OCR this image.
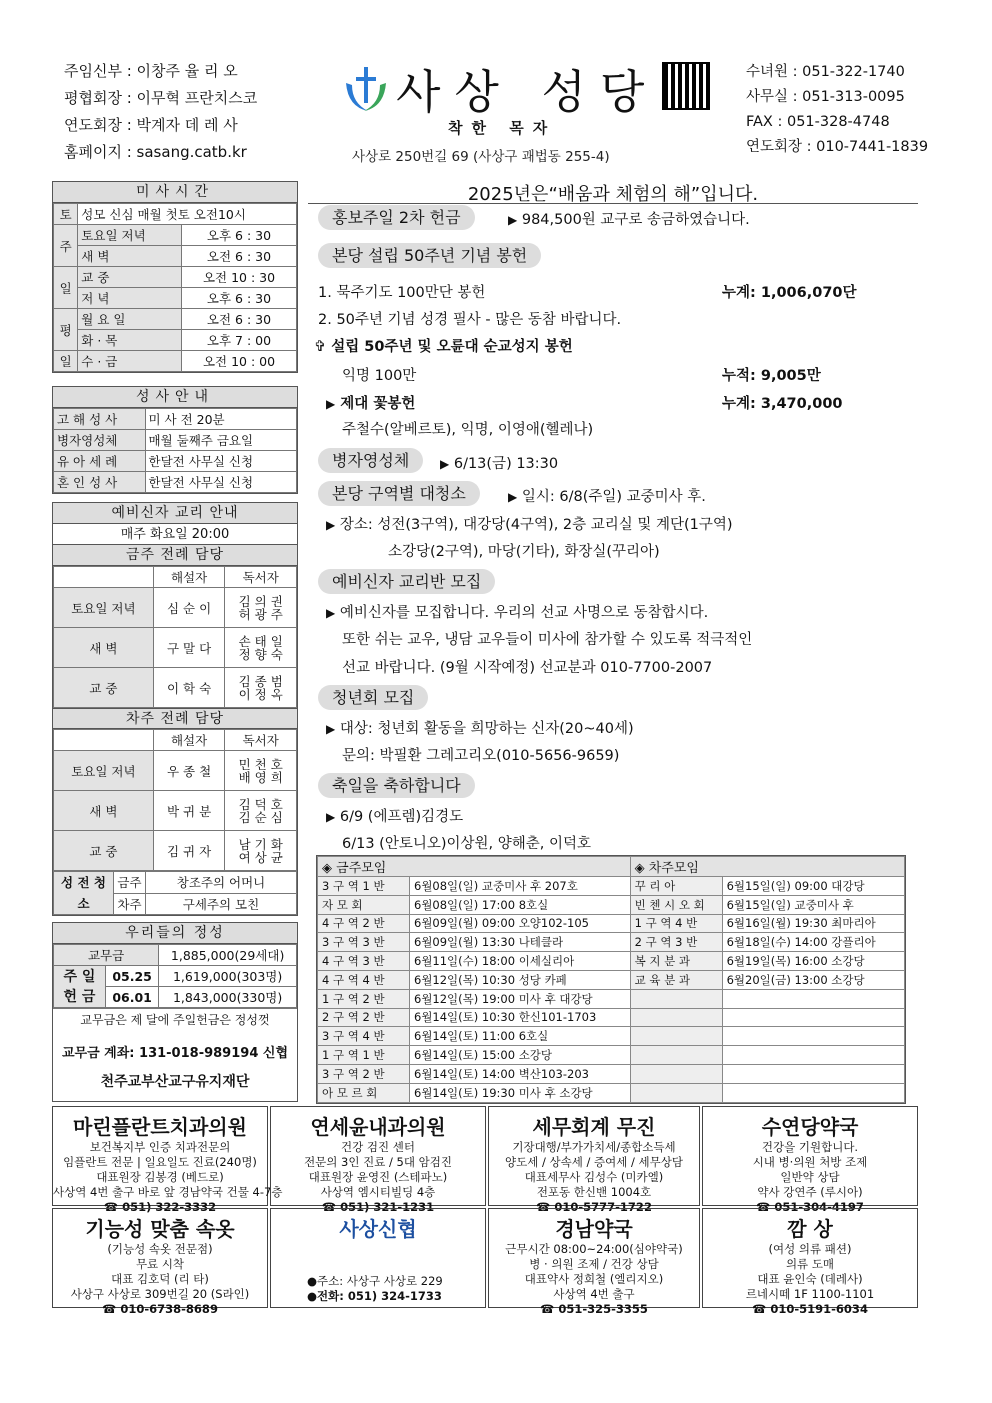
주임신부 : 이창주 율 리 오
평협회장 : 이무혁 프란치스코
연도회장 : 박계자 데 레 사
홈페이지 : sasang.catb.kr
사상 성당
착한 목자
사상로 250번길 69 (사상구 괘법동 255-4)
수녀원 : 051-322-1740
사무실 : 051-313-0095
FAX : 051-328-4748
연도회장 : 010-7441-1839
미사시간
토	성모 신심 매월 첫토 오전10시	
주	토요일 저녁	오후 6 : 30
	새 벽	오전 6 : 30
일	교 중	오전 10 : 30
	저 녁	오후 6 : 30
평	월 요 일	오전 6 : 30
	화 · 목	오후 7 : 00
일	수 · 금	오전 10 : 00
성사안내
고 해 성 사	미 사 전 20분
병자영성체	매월 둘째주 금요일
유 아 세 례	한달전 사무실 신청
혼 인 성 사	한달전 사무실 신청
예비신자 교리 안내
매주 화요일 20:00
금주 전례 담당
	해설자	독서자
토요일 저녁	심 순 이	김 의 권
허 광 주

새 벽	구 말 다	손 태 일
정 향 숙

교 중	이 학 숙	김 종 범
이 정 옥
차주 전례 담당
	해설자	독서자
토요일 저녁	우 종 철	민 천 호
배 영 희

새 벽	박 귀 분	김 덕 호
김 순 심

교 중	김 귀 자	남 기 화
여 상 균
성 전 청 소	금주	창조주의 어머니
	차주	구세주의 모친
우리들의 정성
교무금		1,885,000(29세대)
주 일 헌 금	05.25	1,619,000(303명)
	06.01	1,843,000(330명)
교무금은 제 달에 주일헌금은 정성껏
교무금 계좌: 131-018-989194 신협
천주교부산교구유지재단
2025년은“배움과 체험의 해”입니다.
홍보주일 2차 헌금	▶ 984,500원 교구로 송금하였습니다.
본당 설립 50주년 기념 봉헌
1. 묵주기도 100만단 봉헌	누계: 1,006,070단
2. 50주년 기념 성경 필사 - 많은 동참 바랍니다.
✞ 설립 50주년 및 오륜대 순교성지 봉헌
익명 100만	누적: 9,005만
▶ 제대 꽃봉헌	누계: 3,470,000
주철수(알베르토), 익명, 이영애(헬레나)
병자영성체	▶ 6/13(금) 13:30
본당 구역별 대청소	▶ 일시: 6/8(주일) 교중미사 후.
▶ 장소: 성전(3구역), 대강당(4구역), 2층 교리실 및 계단(1구역)
소강당(2구역), 마당(기타), 화장실(꾸리아)
예비신자 교리반 모집
▶ 예비신자를 모집합니다. 우리의 선교 사명으로 동참합시다.
또한 쉬는 교우, 냉담 교우들이 미사에 참가할 수 있도록 적극적인
선교 바랍니다. (9월 시작예정) 선교분과 010-7700-2007
청년회 모집
▶ 대상: 청년회 활동을 희망하는 신자(20~40세)
문의: 박필환 그레고리오(010-5656-9659)
축일을 축하합니다
▶ 6/9 (에프렘)김경도
6/13 (안토니오)이상원, 양해춘, 이덕호
◈ 금주모임		◈ 차주모임	
3 구 역 1 반	6월08일(일) 교중미사 후 207호	꾸 리 아	6월15일(일) 09:00 대강당
자 모 회	6월08일(일) 17:00 8호실	빈 첸 시 오 회	6월15일(일) 교중미사 후
4 구 역 2 반	6월09일(월) 09:00 오양102-105	1 구 역 4 반	6월16일(월) 19:30 최마리아
3 구 역 3 반	6월09일(월) 13:30 나테클라	2 구 역 3 반	6월18일(수) 14:00 강플리아
4 구 역 3 반	6월11일(수) 18:00 이세실리아	복 지 분 과	6월19일(목) 16:00 소강당
4 구 역 4 반	6월12일(목) 10:30 성당 카페	교 육 분 과	6월20일(금) 13:00 소강당
1 구 역 2 반	6월12일(목) 19:00 미사 후 대강당		
2 구 역 2 반	6월14일(토) 10:30 한신101-1703		
3 구 역 4 반	6월14일(토) 11:00 6호실		
1 구 역 1 반	6월14일(토) 15:00 소강당		
3 구 역 2 반	6월14일(토) 14:00 벽산103-203		
아 모 르 회	6월14일(토) 19:30 미사 후 소강당		
마린플란트치과의원
보건복지부 인증 치과전문의
임플란트 전문 | 일요일도 진료(240명)
대표원장 김봉경 (베드로)
사상역 4번 출구 바로 앞 경남약국 건물 4-7층
☎ 051) 322-3332
연세윤내과의원
건강 검진 센터
전문의 3인 진료 / 5대 암검진
대표원장 윤영진 (스테파노)
사상역 엠시티빌딩 4층
☎ 051) 321-1231
세무회계 무진
기장대행/부가가치세/종합소득세
양도세 / 상속세 / 증여세 / 세무상담
대표세무사 김성수 (미카엘)
전포동 한신밴 1004호
☎ 010-5777-1722
수연당약국
건강을 기원합니다.
시내 병·의원 처방 조제
일반약 상담
약사 강연주 (루시아)
☎ 051-304-4197
기능성 맞춤 속옷
(기능성 속옷 전문점)
무료 시착
대표 김호덕 (리 타)
사상구 사상로 309번길 20 (S라인)
☎ 010-6738-8689
사상신협
●주소: 사상구 사상로 229
●전화: 051) 324-1733
경남약국
근무시간 08:00~24:00(심야약국)
병 · 의원 조제 / 건강 상담
대표약사 정희철 (엘리지오)
사상역 4번 출구
☎ 051-325-3355
깜 상
(여성 의류 패션)
의류 도매
대표 윤인숙 (데레사)
르네시떼 1F 1100-1101
☎ 010-5191-6034
